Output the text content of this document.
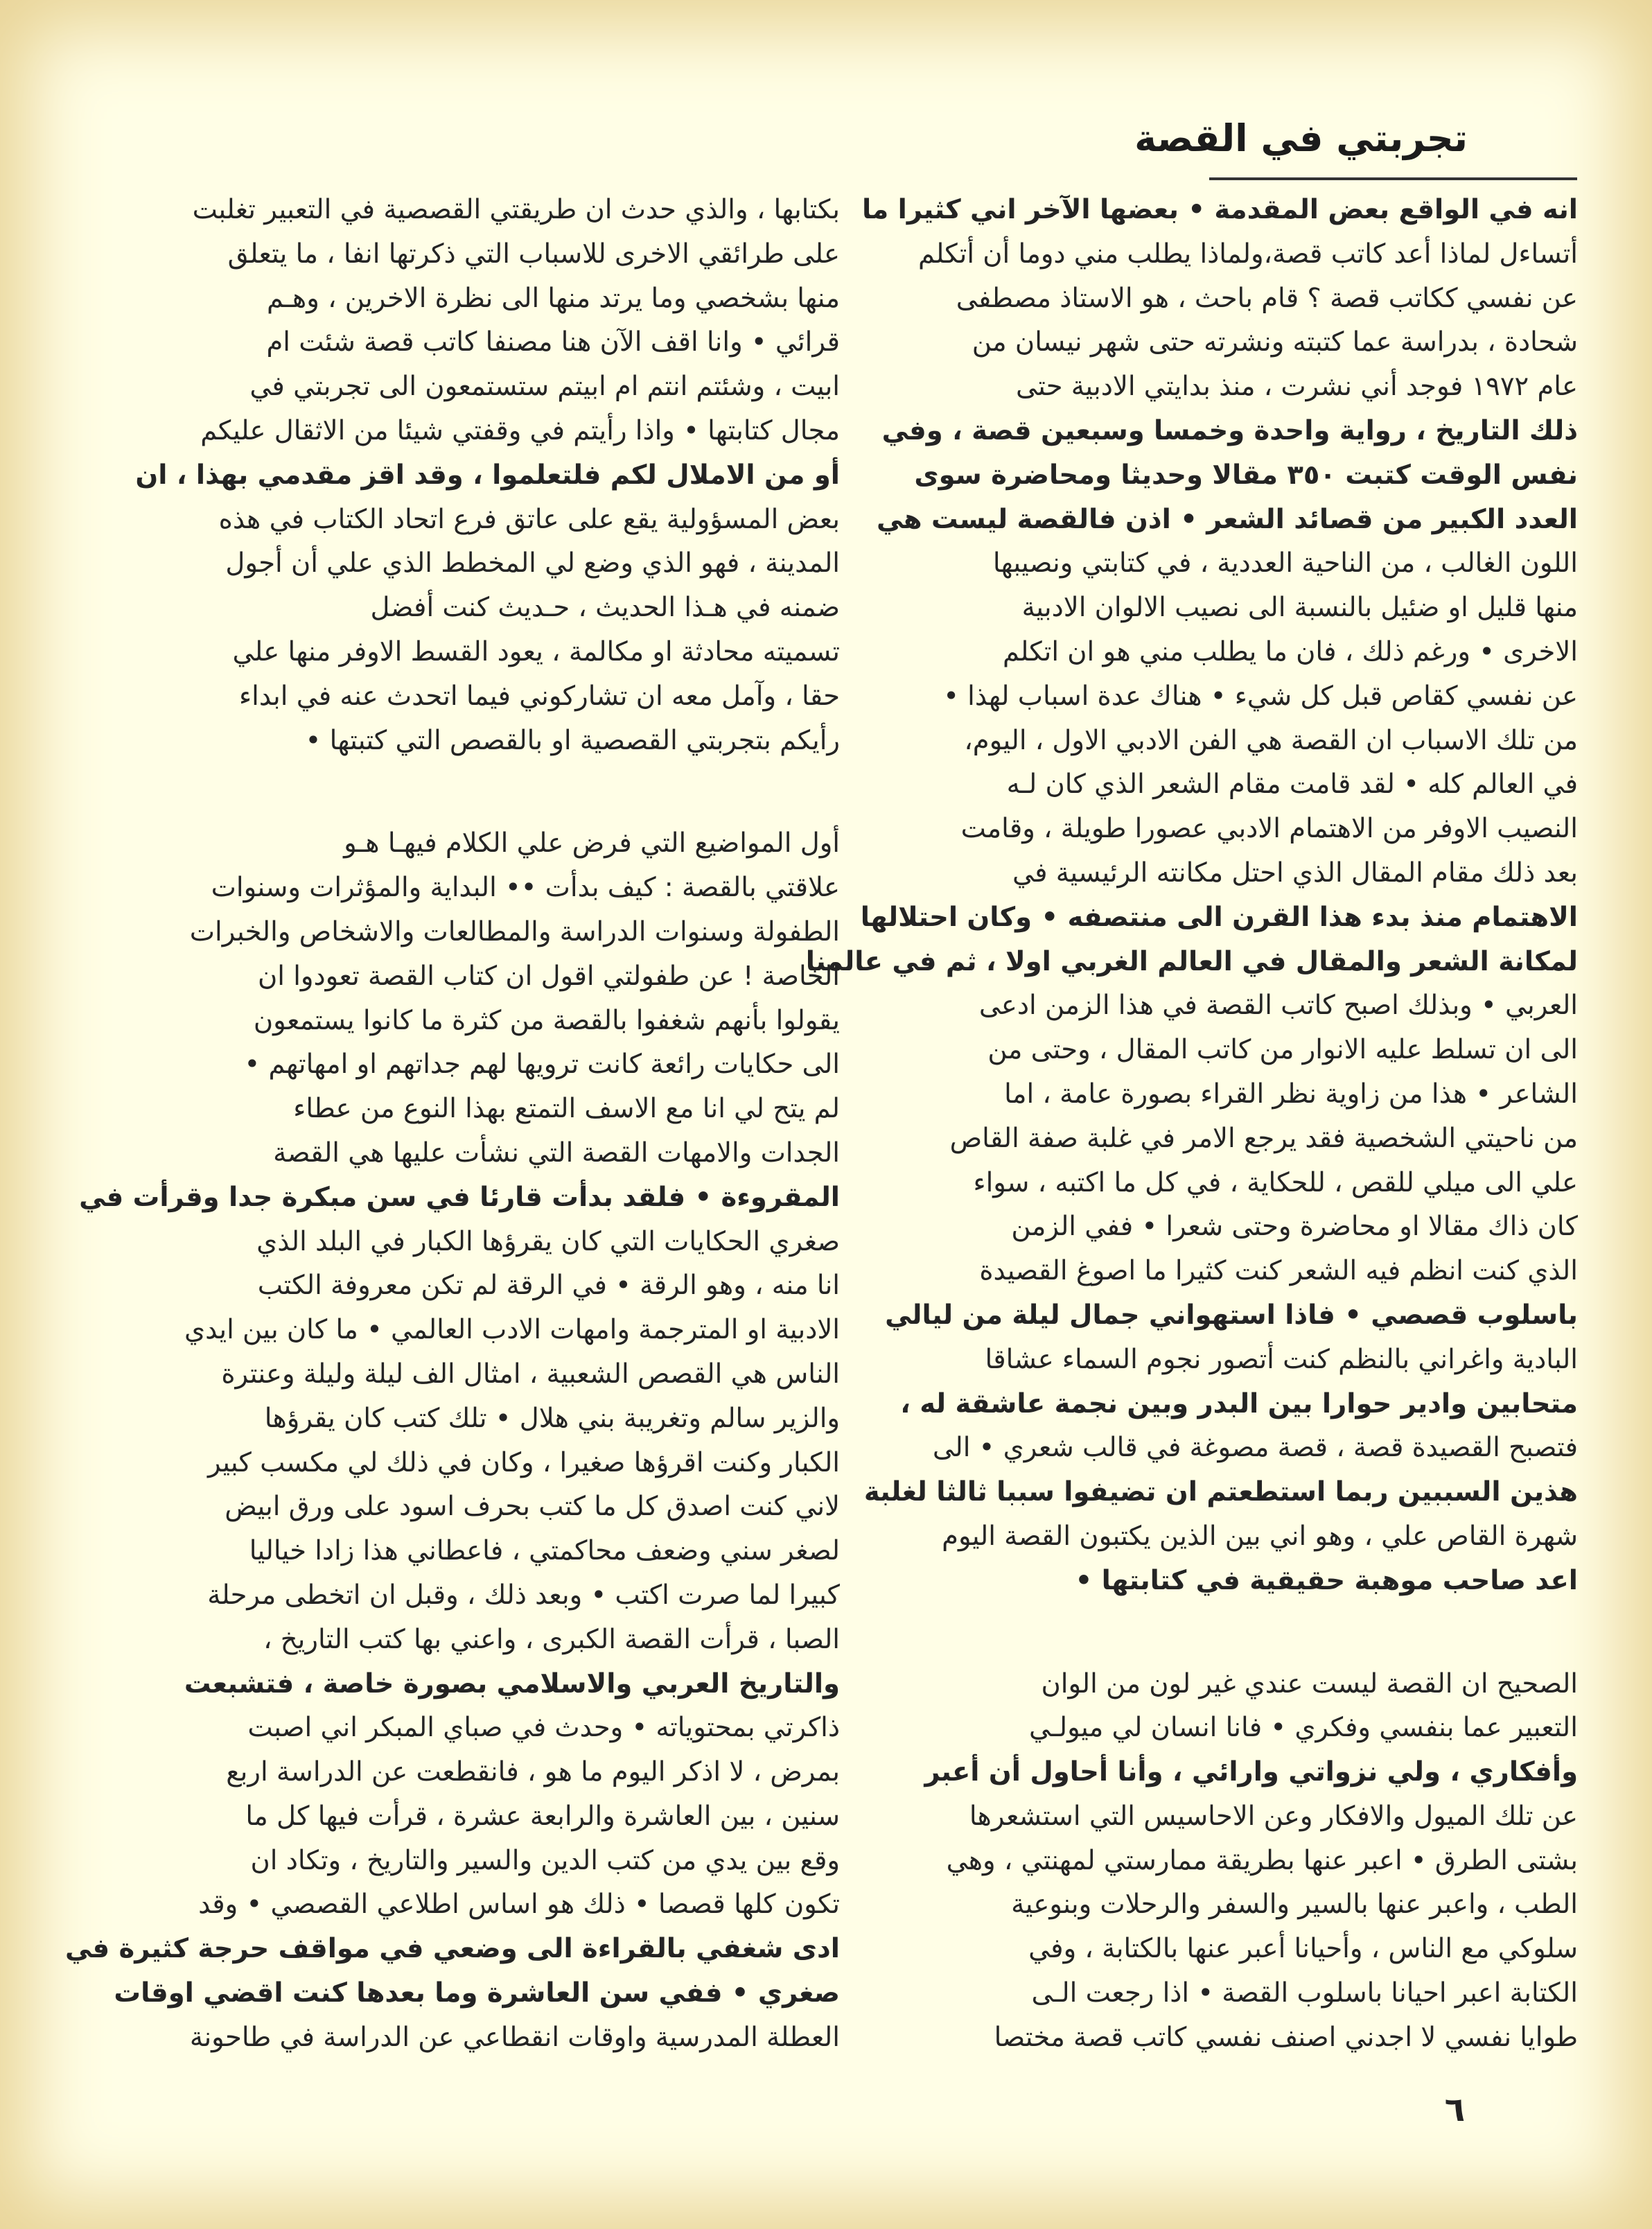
تجربتي في القصة
انه في الواقع بعض المقدمة • بعضها الآخر اني كثيرا ما
أتساءل لماذا أعد كاتب قصة،ولماذا يطلب مني دوما أن أتكلم
عن نفسي ككاتب قصة ؟ قام باحث ، هو الاستاذ مصطفى
شحادة ، بدراسة عما كتبته ونشرته حتى شهر نيسان من
عام ١٩٧٢ فوجد أني نشرت ، منذ بدايتي الادبية حتى
ذلك التاريخ ، رواية واحدة وخمسا وسبعين قصة ، وفي
نفس الوقت كتبت ٣٥٠ مقالا وحديثا ومحاضرة سوى
العدد الكبير من قصائد الشعر • اذن فالقصة ليست هي
اللون الغالب ، من الناحية العددية ، في كتابتي ونصيبها
منها قليل او ضئيل بالنسبة الى نصيب الالوان الادبية
الاخرى • ورغم ذلك ، فان ما يطلب مني هو ان اتكلم
عن نفسي كقاص قبل كل شيء • هناك عدة اسباب لهذا •
من تلك الاسباب ان القصة هي الفن الادبي الاول ، اليوم،
في العالم كله • لقد قامت مقام الشعر الذي كان لـه
النصيب الاوفر من الاهتمام الادبي عصورا طويلة ، وقامت
بعد ذلك مقام المقال الذي احتل مكانته الرئيسية في
الاهتمام منذ بدء هذا القرن الى منتصفه • وكان احتلالها
لمكانة الشعر والمقال في العالم الغربي اولا ، ثم في عالمنا
العربي • وبذلك اصبح كاتب القصة في هذا الزمن ادعى
الى ان تسلط عليه الانوار من كاتب المقال ، وحتى من
الشاعر • هذا من زاوية نظر القراء بصورة عامة ، اما
من ناحيتي الشخصية فقد يرجع الامر في غلبة صفة القاص
علي الى ميلي للقص ، للحكاية ، في كل ما اكتبه ، سواء
كان ذاك مقالا او محاضرة وحتى شعرا • ففي الزمن
الذي كنت انظم فيه الشعر كنت كثيرا ما اصوغ القصيدة
باسلوب قصصي • فاذا استهواني جمال ليلة من ليالي
البادية واغراني بالنظم كنت أتصور نجوم السماء عشاقا
متحابين وادير حوارا بين البدر وبين نجمة عاشقة له ،
فتصبح القصيدة قصة ، قصة مصوغة في قالب شعري • الى
هذين السببين ربما استطعتم ان تضيفوا سببا ثالثا لغلبة
شهرة القاص علي ، وهو اني بين الذين يكتبون القصة اليوم
اعد صاحب موهبة حقيقية في كتابتها •
الصحيح ان القصة ليست عندي غير لون من الوان
التعبير عما بنفسي وفكري • فانا انسان لي ميولـي
وأفكاري ، ولي نزواتي وارائي ، وأنا أحاول أن أعبر
عن تلك الميول والافكار وعن الاحاسيس التي استشعرها
بشتى الطرق • اعبر عنها بطريقة ممارستي لمهنتي ، وهي
الطب ، واعبر عنها بالسير والسفر والرحلات وبنوعية
سلوكي مع الناس ، وأحيانا أعبر عنها بالكتابة ، وفي
الكتابة اعبر احيانا باسلوب القصة • اذا رجعت الـى
طوايا نفسي لا اجدني اصنف نفسي كاتب قصة مختصا
بكتابها ، والذي حدث ان طريقتي القصصية في التعبير تغلبت
على طرائقي الاخرى للاسباب التي ذكرتها انفا ، ما يتعلق
منها بشخصي وما يرتد منها الى نظرة الاخرين ، وهـم
قرائي • وانا اقف الآن هنا مصنفا كاتب قصة شئت ام
ابيت ، وشئتم انتم ام ابيتم ستستمعون الى تجربتي في
مجال كتابتها • واذا رأيتم في وقفتي شيئا من الاثقال عليكم
أو من الاملال لكم فلتعلموا ، وقد اقز مقدمي بهذا ، ان
بعض المسؤولية يقع على عاتق فرع اتحاد الكتاب في هذه
المدينة ، فهو الذي وضع لي المخطط الذي علي أن أجول
ضمنه في هـذا الحديث ، حـديث كنت أفضل
تسميته محادثة او مكالمة ، يعود القسط الاوفر منها علي
حقا ، وآمل معه ان تشاركوني فيما اتحدث عنه في ابداء
رأيكم بتجربتي القصصية او بالقصص التي كتبتها •
أول المواضيع التي فرض علي الكلام فيهـا هـو
علاقتي بالقصة : كيف بدأت •• البداية والمؤثرات وسنوات
الطفولة وسنوات الدراسة والمطالعات والاشخاص والخبرات
الخاصة ! عن طفولتي اقول ان كتاب القصة تعودوا ان
يقولوا بأنهم شغفوا بالقصة من كثرة ما كانوا يستمعون
الى حكايات رائعة كانت ترويها لهم جداتهم او امهاتهم •
لم يتح لي انا مع الاسف التمتع بهذا النوع من عطاء
الجدات والامهات القصة التي نشأت عليها هي القصة
المقروءة • فلقد بدأت قارئا في سن مبكرة جدا وقرأت في
صغري الحكايات التي كان يقرؤها الكبار في البلد الذي
انا منه ، وهو الرقة • في الرقة لم تكن معروفة الكتب
الادبية او المترجمة وامهات الادب العالمي • ما كان بين ايدي
الناس هي القصص الشعبية ، امثال الف ليلة وليلة وعنترة
والزير سالم وتغريبة بني هلال • تلك كتب كان يقرؤها
الكبار وكنت اقرؤها صغيرا ، وكان في ذلك لي مكسب كبير
لاني كنت اصدق كل ما كتب بحرف اسود على ورق ابيض
لصغر سني وضعف محاكمتي ، فاعطاني هذا زادا خياليا
كبيرا لما صرت اكتب • وبعد ذلك ، وقبل ان اتخطى مرحلة
الصبا ، قرأت القصة الكبرى ، واعني بها كتب التاريخ ،
والتاريخ العربي والاسلامي بصورة خاصة ، فتشبعت
ذاكرتي بمحتوياته • وحدث في صباي المبكر اني اصبت
بمرض ، لا اذكر اليوم ما هو ، فانقطعت عن الدراسة اربع
سنين ، بين العاشرة والرابعة عشرة ، قرأت فيها كل ما
وقع بين يدي من كتب الدين والسير والتاريخ ، وتكاد ان
تكون كلها قصصا • ذلك هو اساس اطلاعي القصصي • وقد
ادى شغفي بالقراءة الى وضعي في مواقف حرجة كثيرة في
صغري • ففي سن العاشرة وما بعدها كنت اقضي اوقات
العطلة المدرسية واوقات انقطاعي عن الدراسة في طاحونة
٦
